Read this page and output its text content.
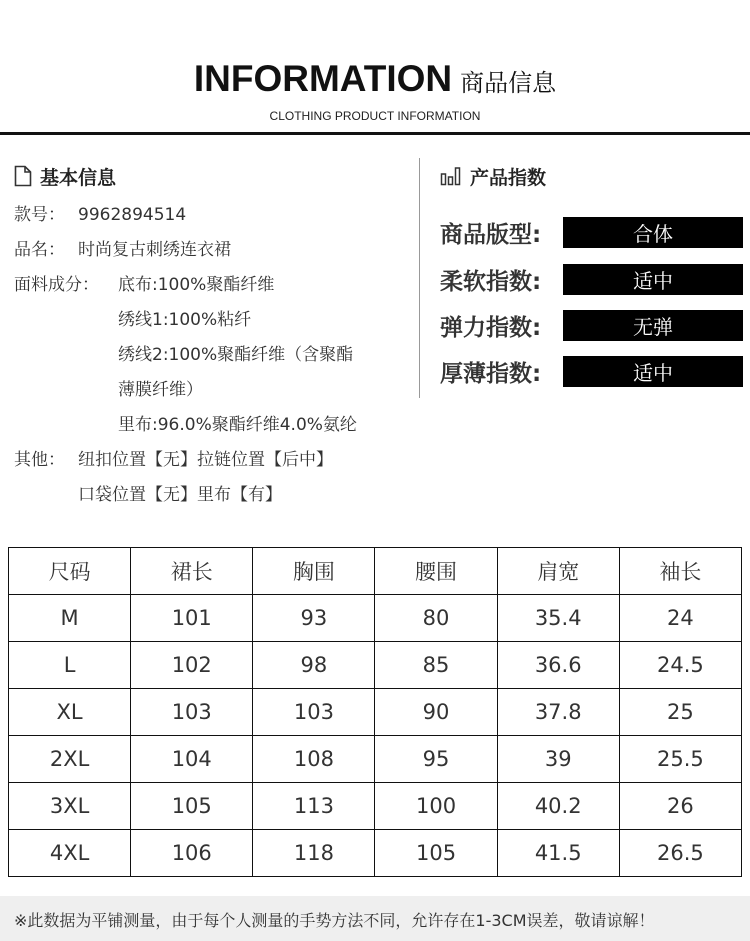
INFORMATION 商品信息
CLOTHING PRODUCT INFORMATION
基本信息
款号： 9962894514
品名： 时尚复古刺绣连衣裙
面料成分： 底布:100%聚酯纤维
绣线1:100%粘纤
绣线2:100%聚酯纤维（含聚酯
薄膜纤维）
里布:96.0%聚酯纤维4.0%氨纶
其他： 纽扣位置【无】拉链位置【后中】
口袋位置【无】里布【有】
产品指数
商品版型:	合体
柔软指数:	适中
弹力指数:	无弹
厚薄指数:	适中
尺码	裙长	胸围	腰围	肩宽	袖长
M	101	93	80	35.4	24
L	102	98	85	36.6	24.5
XL	103	103	90	37.8	25
2XL	104	108	95	39	25.5
3XL	105	113	100	40.2	26
4XL	106	118	105	41.5	26.5
※此数据为平铺测量，由于每个人测量的手势方法不同，允许存在1-3CM误差，敬请谅解！
